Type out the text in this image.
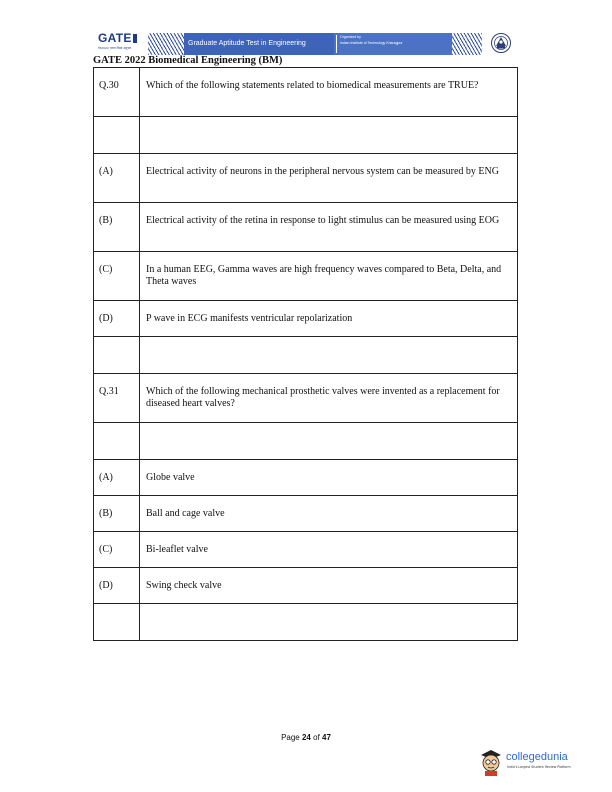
GATE
गेट2022 भारत शिक्षा अनुभव
Graduate Aptitude Test in Engineering
Organized by
Indian Institute of Technology Kharagpur
GATE 2022 Biomedical Engineering (BM)
Q.30	Which of the following statements related to biomedical measurements are TRUE?

(A)	Electrical activity of neurons in the peripheral nervous system can be measured by ENG
(B)	Electrical activity of the retina in response to light stimulus can be measured using EOG
(C)	In a human EEG, Gamma waves are high frequency waves compared to Beta, Delta, and Theta waves
(D)	P wave in ECG manifests ventricular repolarization

Q.31	Which of the following mechanical prosthetic valves were invented as a replacement for diseased heart valves?

(A)	Globe valve
(B)	Ball and cage valve
(C)	Bi-leaflet valve
(D)	Swing check valve

Page 24 of 47
collegedunia
India's Largest Student Review Platform
